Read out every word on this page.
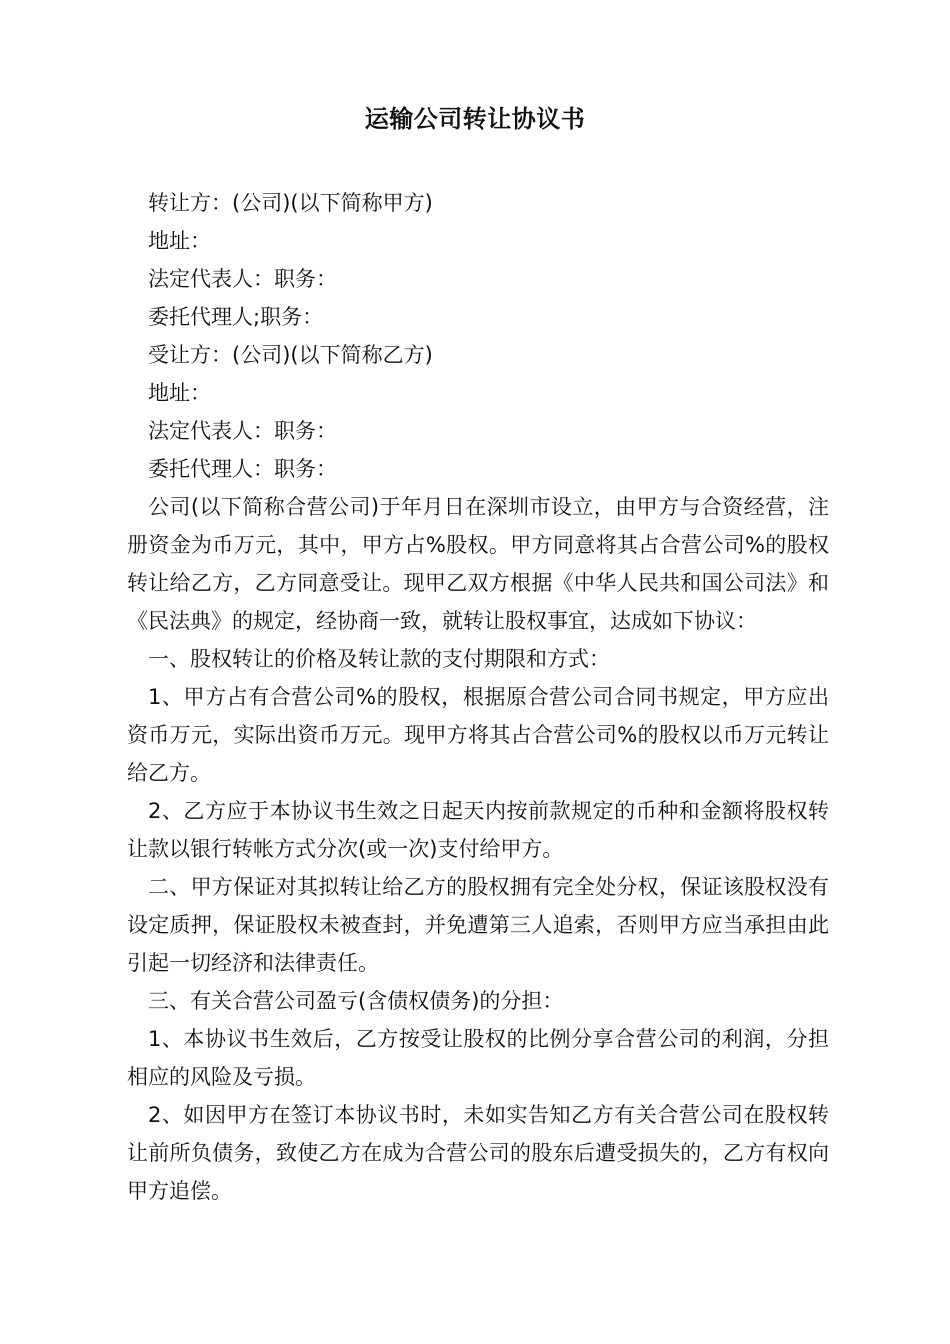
运输公司转让协议书

转让方：(公司)(以下简称甲方)

地址：

法定代表人：职务：

委托代理人;职务：

受让方：(公司)(以下简称乙方)

地址：

法定代表人：职务：

委托代理人：职务：

公司(以下简称合营公司)于年月日在深圳市设立，由甲方与合资经营，注册资金为币万元，其中，甲方占%股权。甲方同意将其占合营公司%的股权转让给乙方，乙方同意受让。现甲乙双方根据《中华人民共和国公司法》和《民法典》的规定，经协商一致，就转让股权事宜，达成如下协议：

一、股权转让的价格及转让款的支付期限和方式：

1、甲方占有合营公司%的股权，根据原合营公司合同书规定，甲方应出资币万元，实际出资币万元。现甲方将其占合营公司%的股权以币万元转让给乙方。

2、乙方应于本协议书生效之日起天内按前款规定的币种和金额将股权转让款以银行转帐方式分次(或一次)支付给甲方。

二、甲方保证对其拟转让给乙方的股权拥有完全处分权，保证该股权没有设定质押，保证股权未被查封，并免遭第三人追索，否则甲方应当承担由此引起一切经济和法律责任。

三、有关合营公司盈亏(含债权债务)的分担：

1、本协议书生效后，乙方按受让股权的比例分享合营公司的利润，分担相应的风险及亏损。

2、如因甲方在签订本协议书时，未如实告知乙方有关合营公司在股权转让前所负债务，致使乙方在成为合营公司的股东后遭受损失的，乙方有权向甲方追偿。
